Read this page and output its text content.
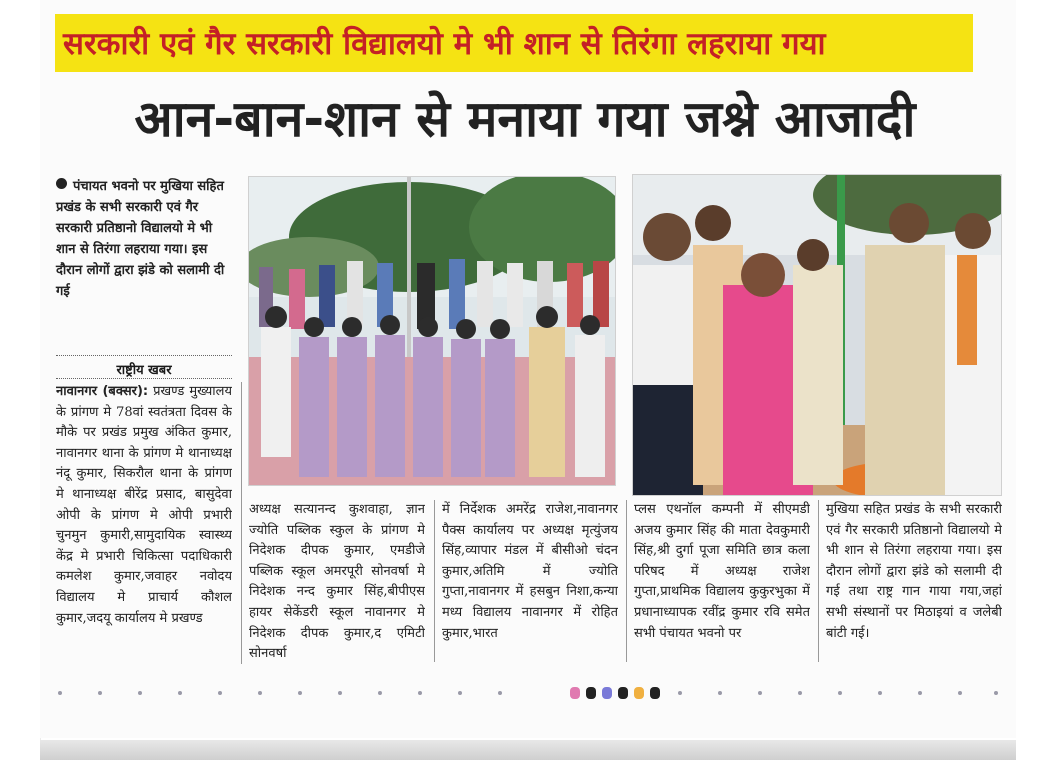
सरकारी एवं गैर सरकारी विद्यालयो मे भी शान से तिरंगा लहराया गया
आन-बान-शान से मनाया गया जश्ने आजादी
पंचायत भवनो पर मुखिया सहित प्रखंड के सभी सरकारी एवं गैर सरकारी प्रतिष्ठानो विद्यालयो मे भी शान से तिरंगा लहराया गया। इस दौरान लोगों द्वारा झंडे को सलामी दी गई
राष्ट्रीय खबर
नावानगर (बक्सर): प्रखण्ड मुख्यालय के प्रांगण मे 78वां स्वतंत्रता दिवस के मौके पर प्रखंड प्रमुख अंकित कुमार, नावानगर थाना के प्रांगण मे थानाध्यक्ष नंदू कुमार, सिकरौल थाना के प्रांगण मे थानाध्यक्ष बीरेंद्र प्रसाद, बासुदेवा ओपी के प्रांगण मे ओपी प्रभारी चुनमुन कुमारी,सामुदायिक स्वास्थ्य केंद्र मे प्रभारी चिकित्सा पदाधिकारी कमलेश कुमार,जवाहर नवोदय विद्यालय मे प्राचार्य कौशल कुमार,जदयू कार्यालय मे प्रखण्ड
अध्यक्ष सत्यानन्द कुशवाहा, ज्ञान ज्योति पब्लिक स्कुल के प्रांगण मे निदेशक दीपक कुमार, एमडीजे पब्लिक स्कूल अमरपूरी सोनवर्षा मे निदेशक नन्द कुमार सिंह,बीपीएस हायर सेकेंडरी स्कूल नावानगर मे निदेशक दीपक कुमार,द एमिटी सोनवर्षा
में निर्देशक अमरेंद्र राजेश,नावानगर पैक्स कार्यालय पर अध्यक्ष मृत्युंजय सिंह,व्यापार मंडल में बीसीओ चंदन कुमार,अतिमि में ज्योति गुप्ता,नावानगर में हसबुन निशा,कन्या मध्य विद्यालय नावानगर में रोहित कुमार,भारत
प्लस एथनॉल कम्पनी में सीएमडी अजय कुमार सिंह की माता देवकुमारी सिंह,श्री दुर्गा पूजा समिति छात्र कला परिषद में अध्यक्ष राजेश गुप्ता,प्राथमिक विद्यालय कुकुरभुका में प्रधानाध्यापक रवींद्र कुमार रवि समेत सभी पंचायत भवनो पर
मुखिया सहित प्रखंड के सभी सरकारी एवं गैर सरकारी प्रतिष्ठानो विद्यालयो मे भी शान से तिरंगा लहराया गया। इस दौरान लोगों द्वारा झंडे को सलामी दी गई तथा राष्ट्र गान गाया गया,जहां सभी संस्थानों पर मिठाइयां व जलेबी बांटी गई।
